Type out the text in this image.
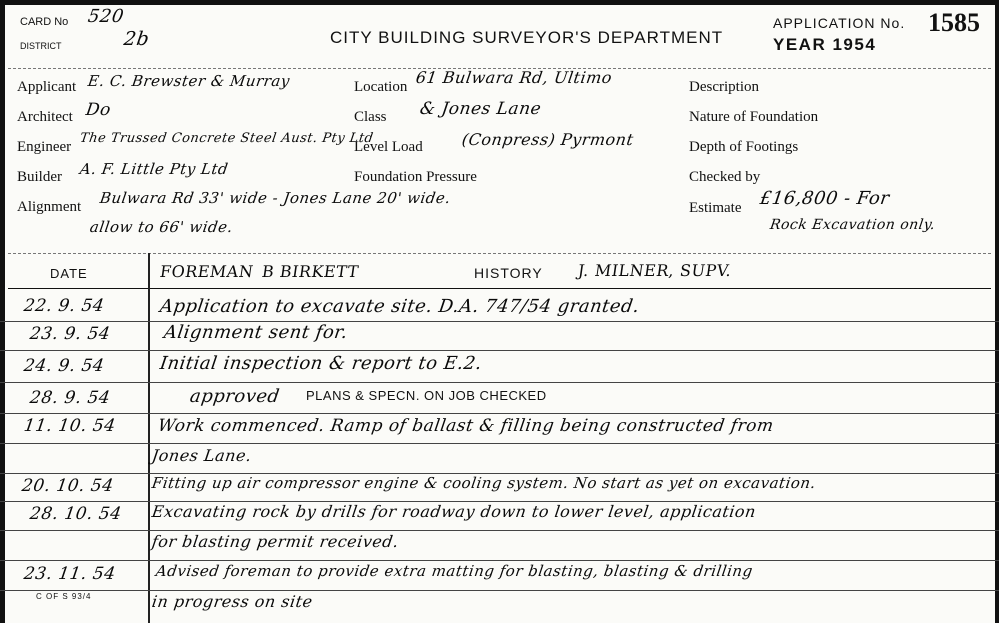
CARD No 520
DISTRICT	2b	CITY BUILDING SURVEYOR'S DEPARTMENT
APPLICATION No. 1585
YEAR 1954
Applicant E. C. Brewster & Murray
Architect Do
Engineer
The Trussed Concrete Steel Aust. Pty Ltd
Builder A. F. Little Pty Ltd
Alignment Bulwara Rd 33' wide - Jones Lane 20' wide.
allow to 66' wide.
Location 61 Bulwara Rd, Ultimo
Class & Jones Lane
Level Load (Conpress) Pyrmont
Foundation Pressure
Description
Nature of Foundation
Depth of Footings
Checked by
Estimate £16,800 - For
Rock Excavation only.
DATE	FOREMAN B BIRKETT	HISTORY J. MILNER, SUPV.
22. 9. 54	Application to excavate site. D.A. 747/54 granted.
23. 9. 54	Alignment sent for.
24. 9. 54	Initial inspection & report to E.2.
28. 9. 54	approved PLANS & SPECN. ON JOB CHECKED
11. 10. 54 Work commenced. Ramp of ballast & filling being constructed from
Jones Lane.
20. 10. 54 Fitting up air compressor engine & cooling system. No start as yet on excavation.
28. 10. 54 Excavating rock by drills for roadway down to lower level, application
for blasting permit received.
23. 11. 54	Advised foreman to provide extra matting for blasting, blasting & drilling
in progress on site
C OF S 93/4
